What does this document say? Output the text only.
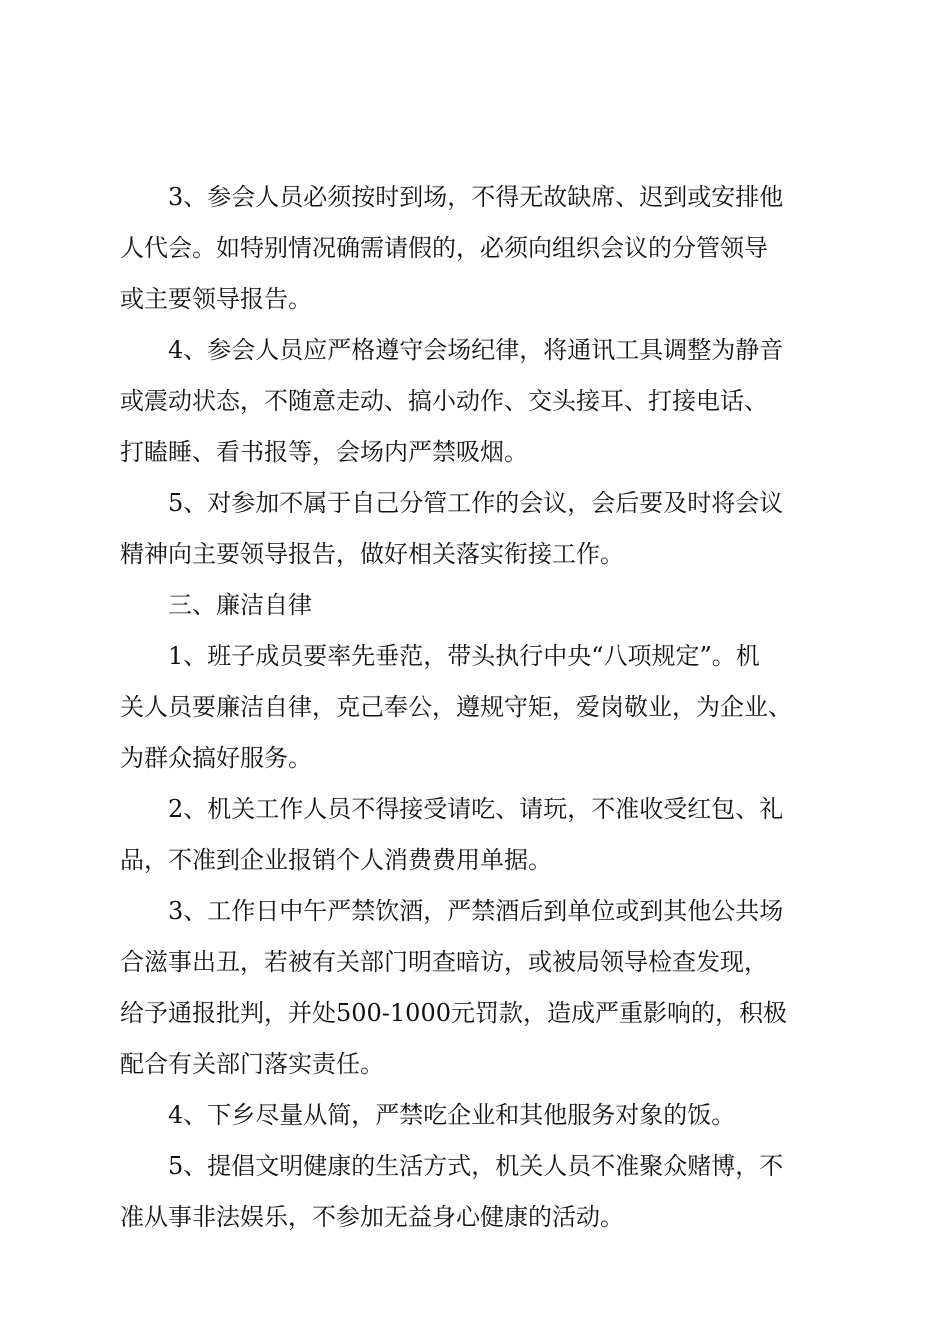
3、参会人员必须按时到场，不得无故缺席、迟到或安排他
人代会。如特别情况确需请假的，必须向组织会议的分管领导
或主要领导报告。
4、参会人员应严格遵守会场纪律，将通讯工具调整为静音
或震动状态，不随意走动、搞小动作、交头接耳、打接电话、
打瞌睡、看书报等，会场内严禁吸烟。
5、对参加不属于自己分管工作的会议，会后要及时将会议
精神向主要领导报告，做好相关落实衔接工作。
三、廉洁自律
1、班子成员要率先垂范，带头执行中央“八项规定”。机
关人员要廉洁自律，克己奉公，遵规守矩，爱岗敬业，为企业、
为群众搞好服务。
2、机关工作人员不得接受请吃、请玩，不准收受红包、礼
品，不准到企业报销个人消费费用单据。
3、工作日中午严禁饮酒，严禁酒后到单位或到其他公共场
合滋事出丑，若被有关部门明查暗访，或被局领导检查发现，
给予通报批判，并处500-1000元罚款，造成严重影响的，积极
配合有关部门落实责任。
4、下乡尽量从简，严禁吃企业和其他服务对象的饭。
5、提倡文明健康的生活方式，机关人员不准聚众赌博，不
准从事非法娱乐，不参加无益身心健康的活动。
